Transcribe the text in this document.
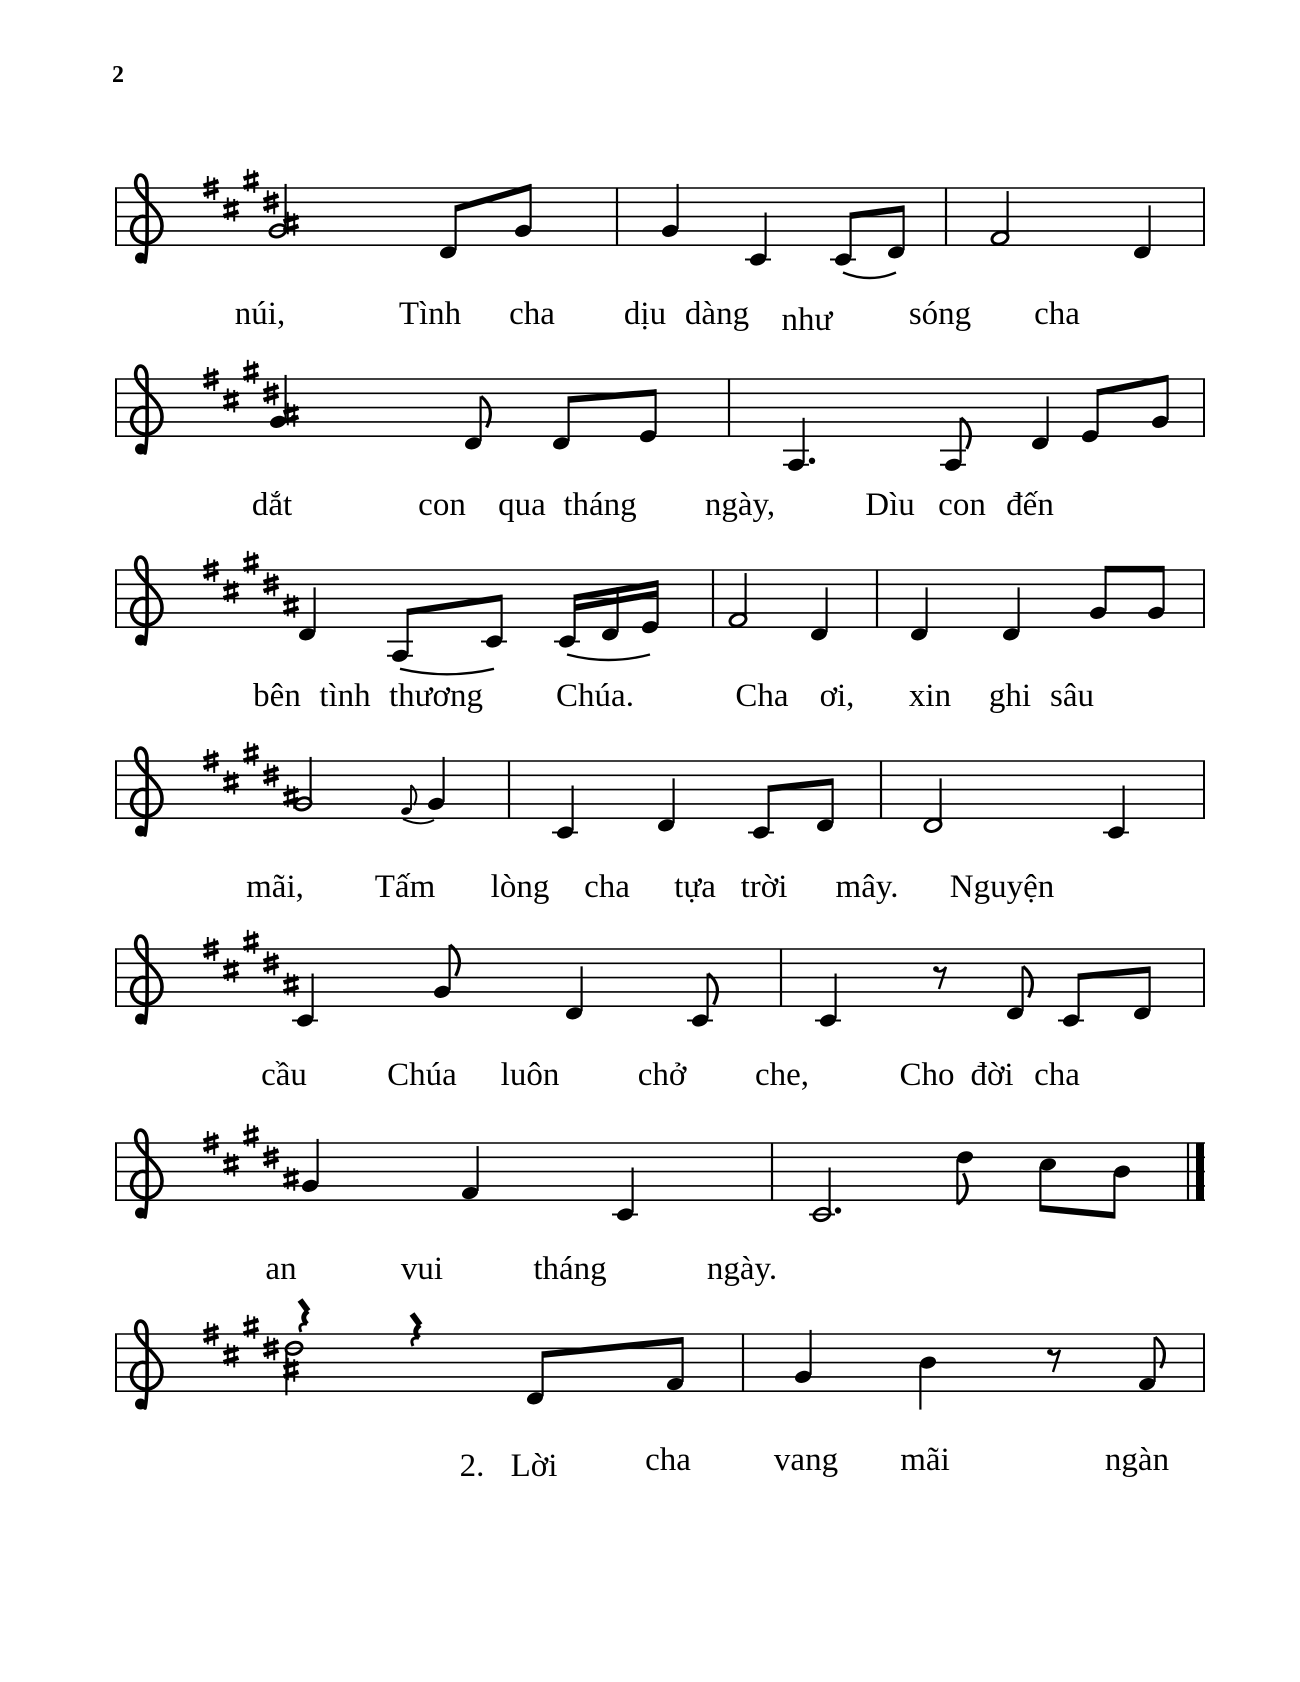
2
núi,	Tình cha dịu dàng như sóng cha
dắt	con qua tháng ngày,	Dìu con đến
bên tình thương Chúa.	Cha ơi, xin ghi sâu
mãi, Tấm lòng cha tựa trời mây. Nguyện
cầu Chúa luôn chở che,	Cho đời cha
an	vui	tháng	ngày.
2. Lời	cha	vang mãi	ngàn
